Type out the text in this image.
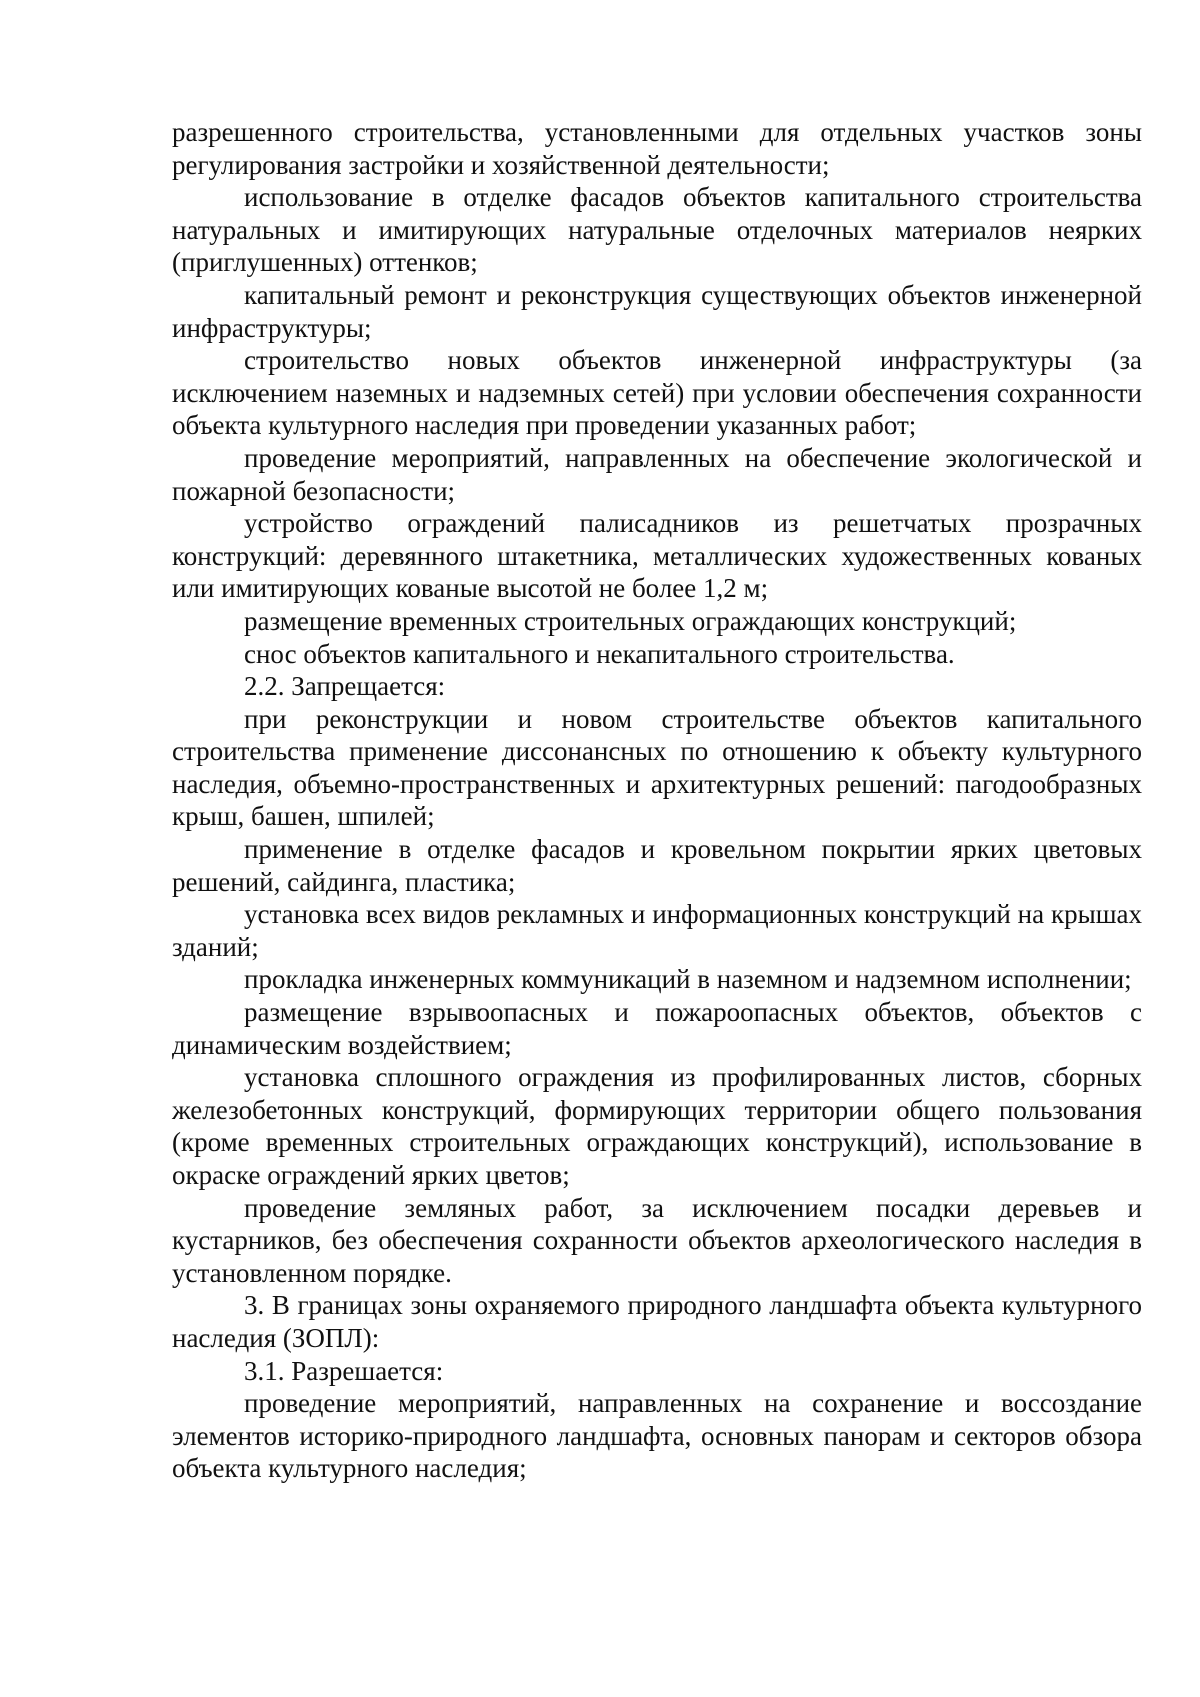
разрешенного строительства, установленными для отдельных участков зоны регулирования застройки и хозяйственной деятельности;

использование в отделке фасадов объектов капитального строительства натуральных и имитирующих натуральные отделочных материалов неярких (приглушенных) оттенков;

капитальный ремонт и реконструкция существующих объектов инженерной инфраструктуры;

строительство новых объектов инженерной инфраструктуры (за исключением наземных и надземных сетей) при условии обеспечения сохранности объекта культурного наследия при проведении указанных работ;

проведение мероприятий, направленных на обеспечение экологической и пожарной безопасности;

устройство ограждений палисадников из решетчатых прозрачных конструкций: деревянного штакетника, металлических художественных кованых или имитирующих кованые высотой не более 1,2 м;

размещение временных строительных ограждающих конструкций;

снос объектов капитального и некапитального строительства.

2.2. Запрещается:

при реконструкции и новом строительстве объектов капитального строительства применение диссонансных по отношению к объекту культурного наследия, объемно-пространственных и архитектурных решений: пагодообразных крыш, башен, шпилей;

применение в отделке фасадов и кровельном покрытии ярких цветовых решений, сайдинга, пластика;

установка всех видов рекламных и информационных конструкций на крышах зданий;

прокладка инженерных коммуникаций в наземном и надземном исполнении;

размещение взрывоопасных и пожароопасных объектов, объектов с динамическим воздействием;

установка сплошного ограждения из профилированных листов, сборных железобетонных конструкций, формирующих территории общего пользования (кроме временных строительных ограждающих конструкций), использование в окраске ограждений ярких цветов;

проведение земляных работ, за исключением посадки деревьев и кустарников, без обеспечения сохранности объектов археологического наследия в установленном порядке.

3. В границах зоны охраняемого природного ландшафта объекта культурного наследия (ЗОПЛ):

3.1. Разрешается:

проведение мероприятий, направленных на сохранение и воссоздание элементов историко-природного ландшафта, основных панорам и секторов обзора объекта культурного наследия;
